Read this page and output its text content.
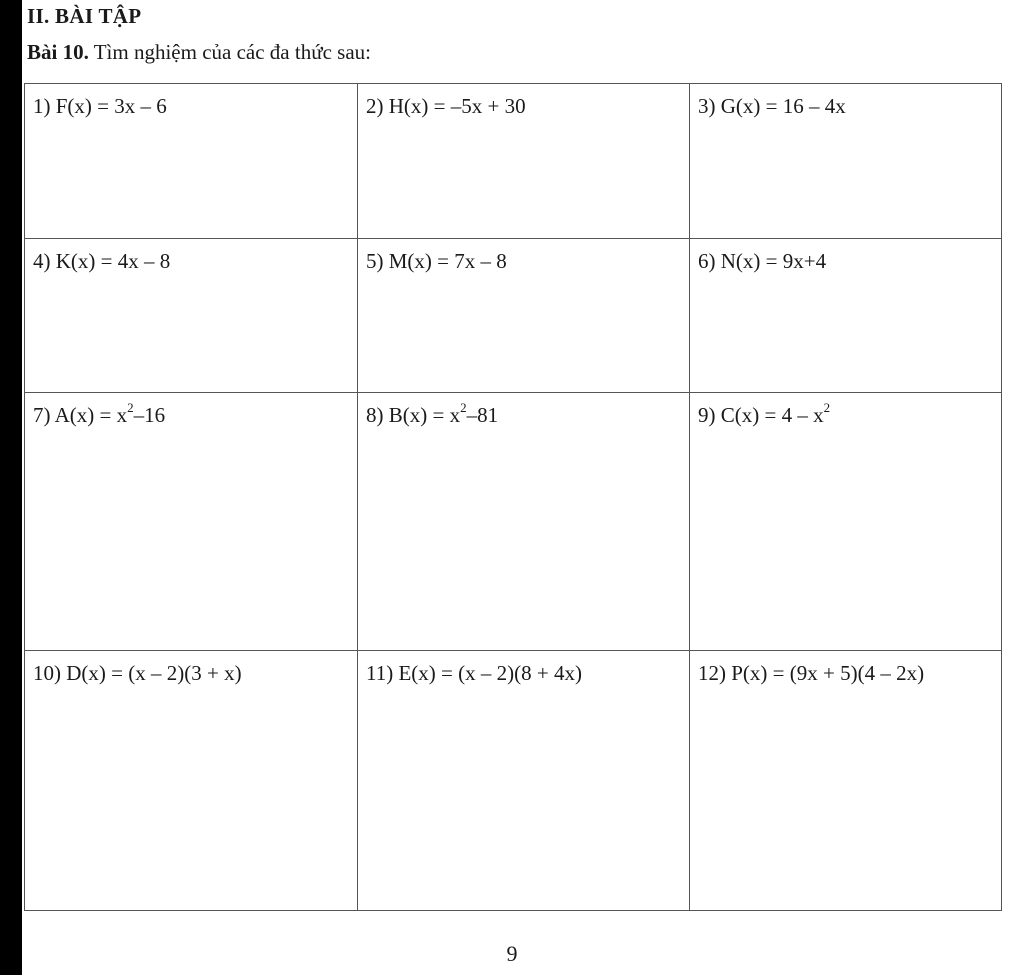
II. BÀI TẬP
Bài 10. Tìm nghiệm của các đa thức sau:
1) F(x) = 3x – 6	2) H(x) = –5x + 30	3) G(x) = 16 – 4x
4) K(x) = 4x – 8	5) M(x) = 7x – 8	6) N(x) = 9x+4
7) $A(x) = x^2-16$	8) $B(x) = x^2-81$	9) $C(x) = 4 - x^2$
10) D(x) = (x – 2)(3 + x)	11) E(x) = (x – 2)(8 + 4x)	12) P(x) = (9x + 5)(4 – 2x)
9
